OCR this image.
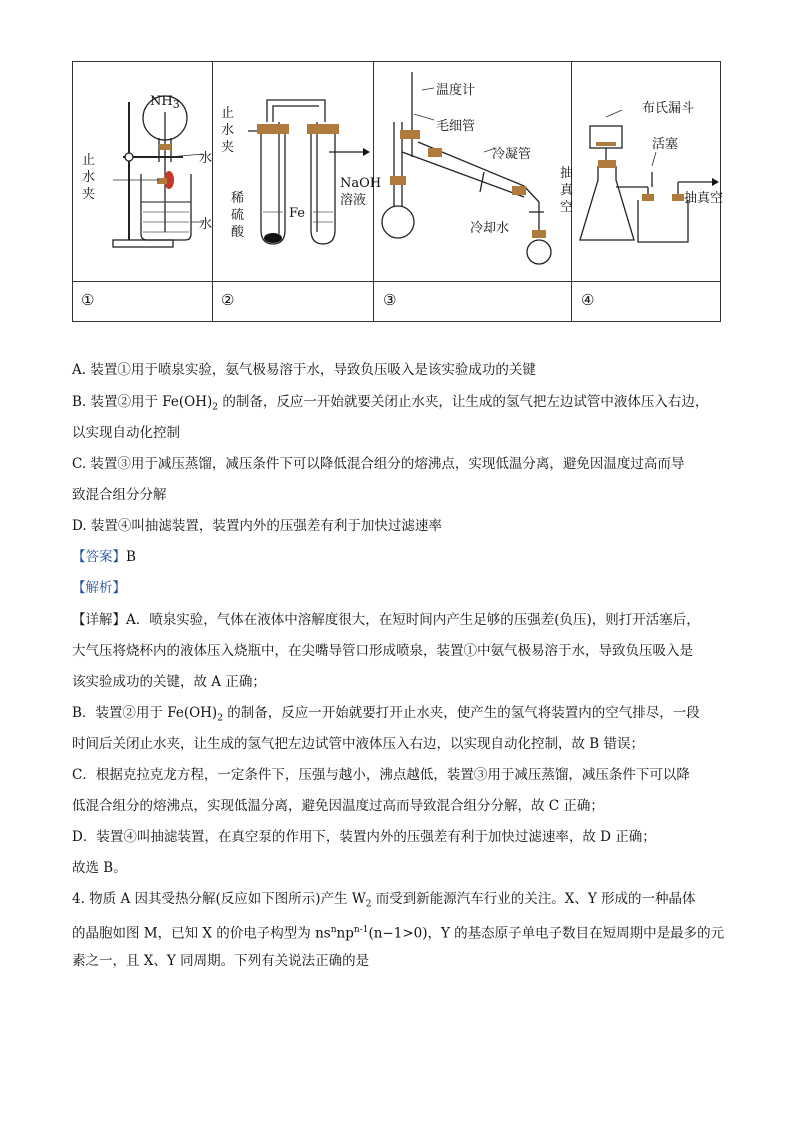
①	②	③	④
$NH_3$
止
水
夹
水
水
止
水
夹
稀
硫
酸
Fe
NaOH
溶液
温度计
毛细管
冷凝管
冷却水
抽
真
空
布氏漏斗
活塞
抽真空
A. 装置①用于喷泉实验，氨气极易溶于水，导致负压吸入是该实验成功的关键
B. 装置②用于 $Fe(OH)_2$ 的制备，反应一开始就要关闭止水夹，让生成的氢气把左边试管中液体压入右边，
以实现自动化控制
C. 装置③用于减压蒸馏，减压条件下可以降低混合组分的熔沸点，实现低温分离，避免因温度过高而导
致混合组分分解
D. 装置④叫抽滤装置，装置内外的压强差有利于加快过滤速率
【答案】B
【解析】
【详解】A．喷泉实验，气体在液体中溶解度很大，在短时间内产生足够的压强差(负压)，则打开活塞后，
大气压将烧杯内的液体压入烧瓶中，在尖嘴导管口形成喷泉，装置①中氨气极易溶于水，导致负压吸入是
该实验成功的关键，故 A 正确；
B．装置②用于 $Fe(OH)_2$ 的制备，反应一开始就要打开止水夹，使产生的氢气将装置内的空气排尽，一段
时间后关闭止水夹，让生成的氢气把左边试管中液体压入右边，以实现自动化控制，故 B 错误；
C．根据克拉克龙方程，一定条件下，压强与越小，沸点越低，装置③用于减压蒸馏，减压条件下可以降
低混合组分的熔沸点，实现低温分离，避免因温度过高而导致混合组分分解，故 C 正确；
D．装置④叫抽滤装置，在真空泵的作用下，装置内外的压强差有利于加快过滤速率，故 D 正确；
故选 B。
4. 物质 A 因其受热分解(反应如下图所示)产生 $W_2$ 而受到新能源汽车行业的关注。X、Y 形成的一种晶体
的晶胞如图 M，已知 X 的价电子构型为 $ns^nnp^{n-1}(n-1>0)$，Y 的基态原子单电子数目在短周期中是最多的元
素之一，且 X、Y 同周期。下列有关说法正确的是
